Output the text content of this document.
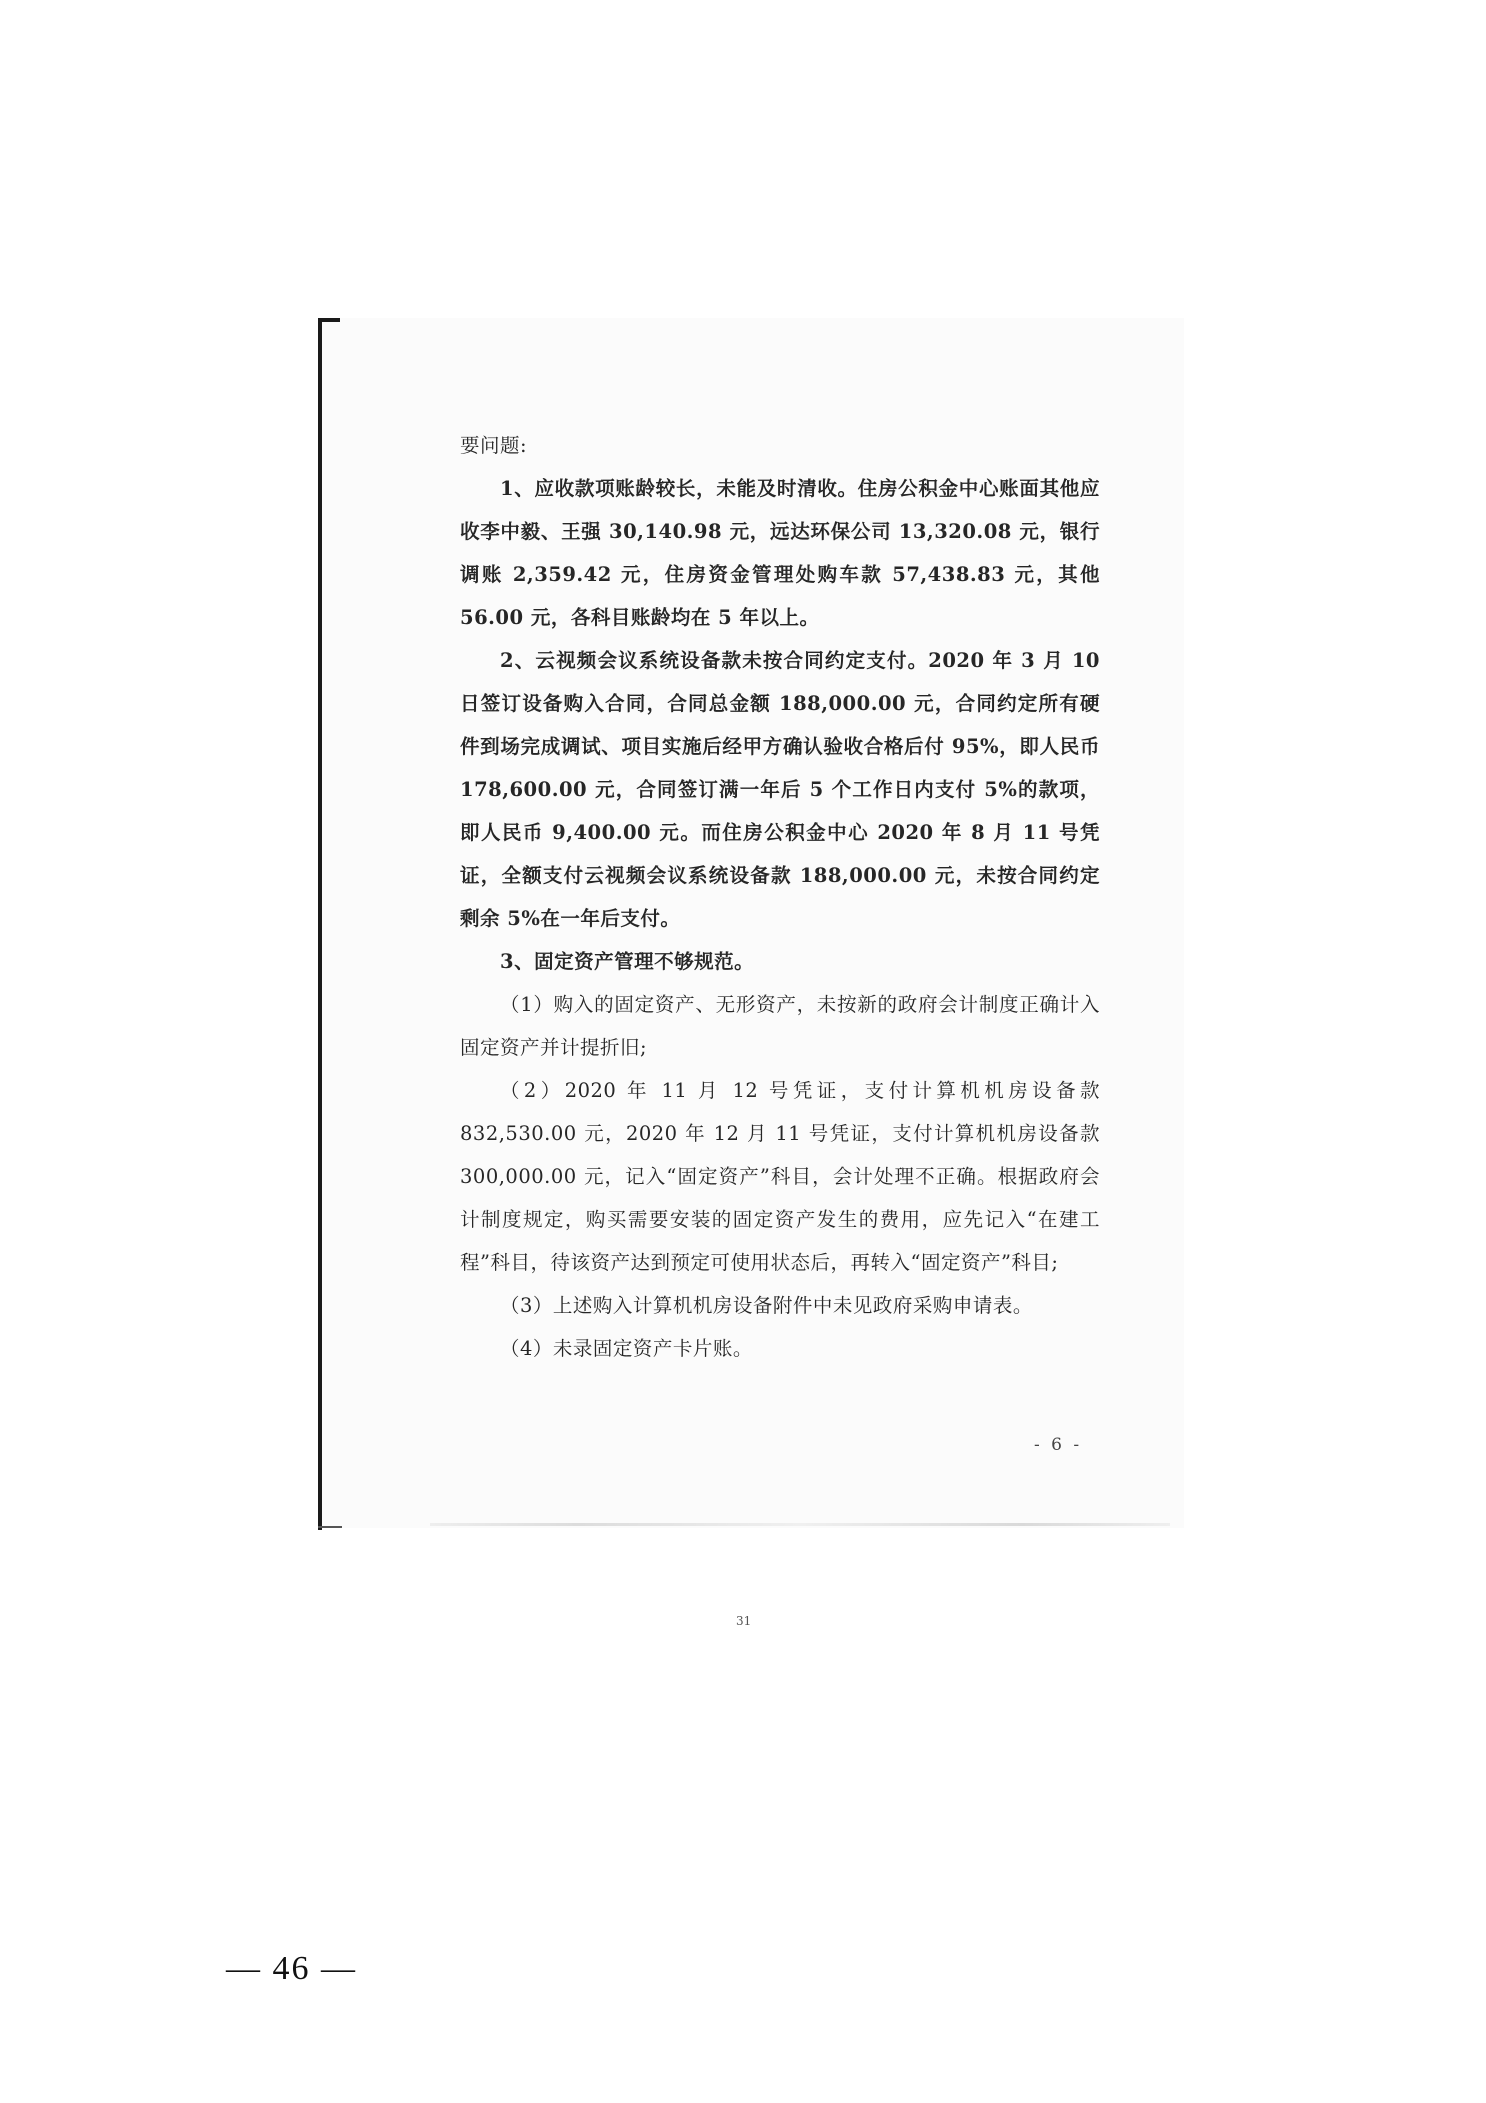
要问题:

1、应收款项账龄较长，未能及时清收。住房公积金中心账面其他应收李中毅、王强 30,140.98 元，远达环保公司 13,320.08 元，银行调账 2,359.42 元，住房资金管理处购车款 57,438.83 元，其他 56.00 元，各科目账龄均在 5 年以上。

2、云视频会议系统设备款未按合同约定支付。2020 年 3 月 10 日签订设备购入合同，合同总金额 188,000.00 元，合同约定所有硬件到场完成调试、项目实施后经甲方确认验收合格后付 95%，即人民币 178,600.00 元，合同签订满一年后 5 个工作日内支付 5%的款项，即人民币 9,400.00 元。而住房公积金中心 2020 年 8 月 11 号凭证，全额支付云视频会议系统设备款 188,000.00 元，未按合同约定剩余 5%在一年后支付。

3、固定资产管理不够规范。

（1）购入的固定资产、无形资产，未按新的政府会计制度正确计入固定资产并计提折旧;

（2）2020 年 11 月 12 号凭证，支付计算机机房设备款 832,530.00 元，2020 年 12 月 11 号凭证，支付计算机机房设备款 300,000.00 元，记入“固定资产”科目，会计处理不正确。根据政府会计制度规定，购买需要安装的固定资产发生的费用，应先记入“在建工程”科目，待该资产达到预定可使用状态后，再转入“固定资产”科目;

（3）上述购入计算机机房设备附件中未见政府采购申请表。

（4）未录固定资产卡片账。

- 6 -
31
— 46 —
